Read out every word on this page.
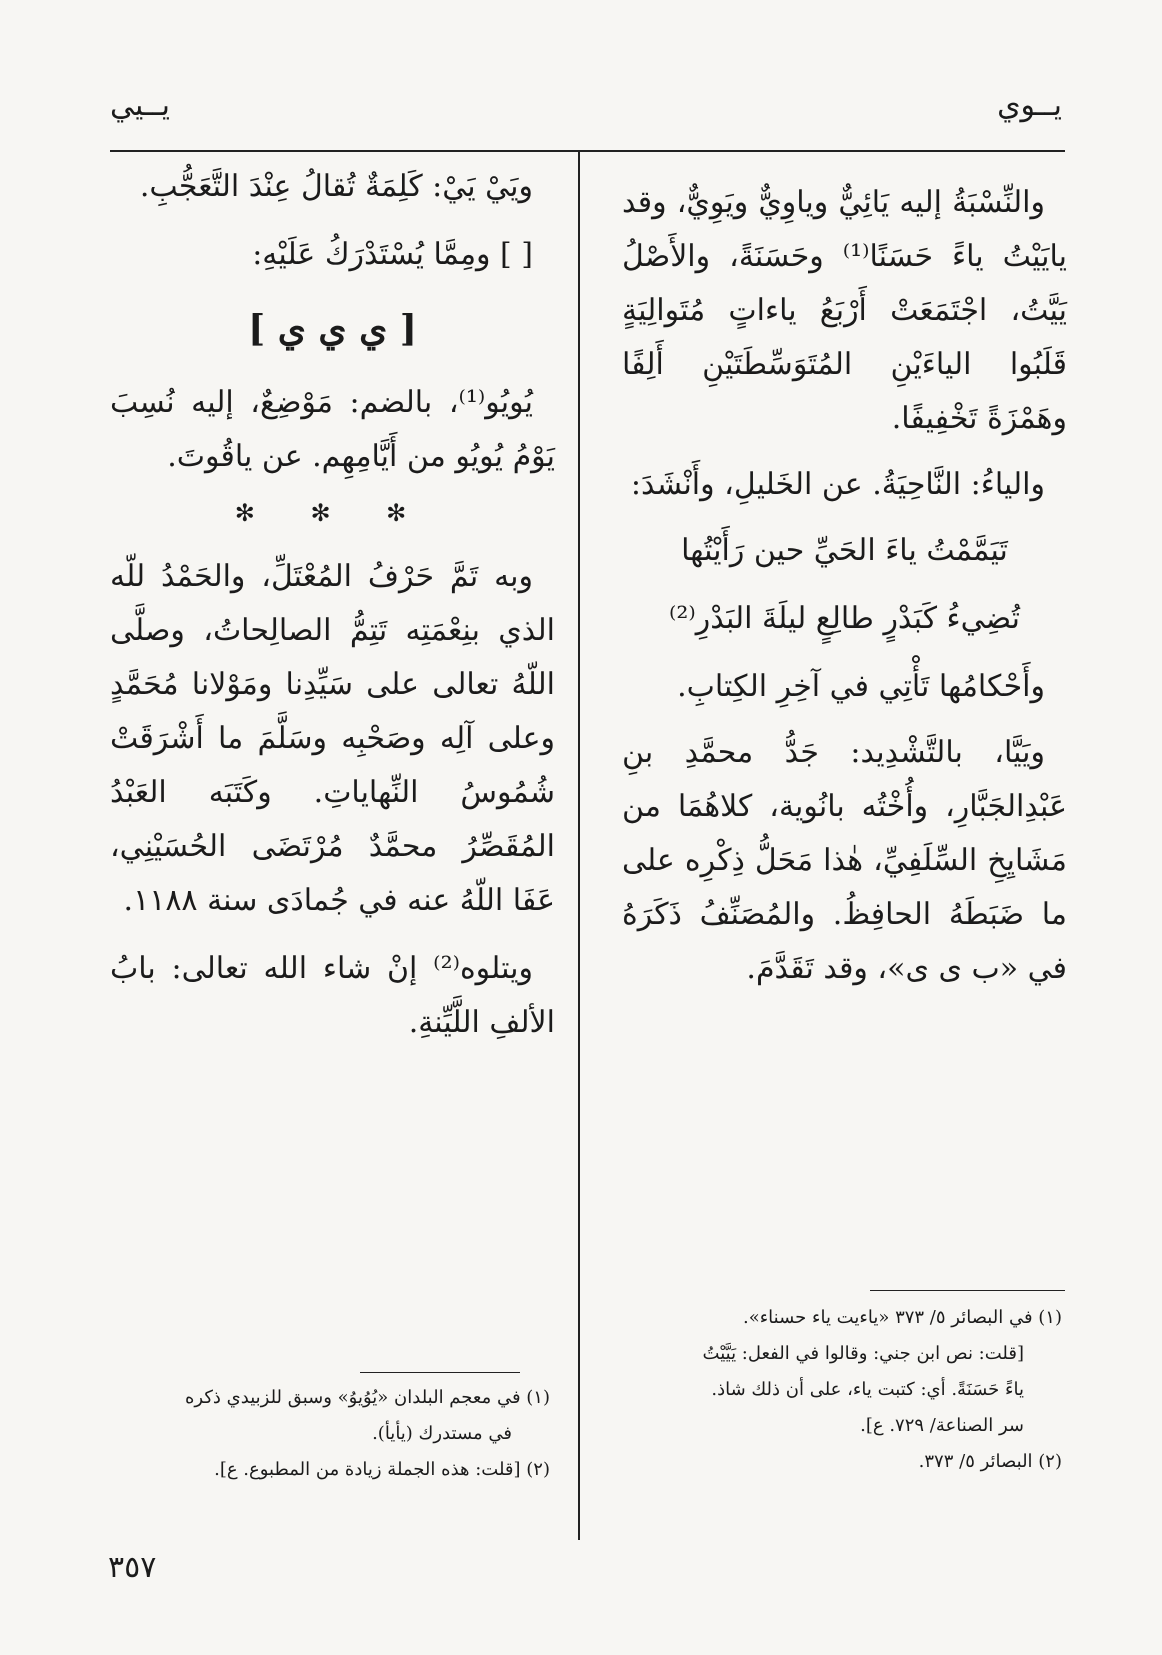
يــوي
يــيي

والنِّسْبَةُ إليه يَائِيٌّ وياوِيٌّ ويَوِيٌّ، وقد يايَيْتُ ياءً حَسَنًا⁽¹⁾ وحَسَنَةً، والأَصْلُ يَيَّتُ، اجْتَمَعَتْ أَرْبَعُ ياءاتٍ مُتَوالِيَةٍ قَلَبُوا الياءَيْنِ المُتَوَسِّطَتَيْنِ أَلِفًا وهَمْزَةً تَخْفِيفًا.

والياءُ: النَّاحِيَةُ. عن الخَليلِ، وأَنْشَدَ:

تَيَمَّمْتُ ياءَ الحَيِّ حين رَأَيْتُها

تُضِيءُ كَبَدْرٍ طالِعٍ ليلَةَ البَدْرِ⁽²⁾

وأَحْكامُها تَأْتِي في آخِرِ الكِتابِ.

ويَيَّا، بالتَّشْدِيد: جَدُّ محمَّدِ بنِ عَبْدِالجَبَّارِ، وأُخْتُه بانُوية، كلاهُمَا من مَشَايِخِ السِّلَفِيِّ، هٰذا مَحَلُّ ذِكْرِه على ما ضَبَطَهُ الحافِظُ. والمُصَنِّفُ ذَكَرَهُ في «ب ى ى»، وقد تَقَدَّمَ.

(١) في البصائر ٥/ ٣٧٣ «ياءيت ياء حسناء».

[قلت: نص ابن جني: وقالوا في الفعل: يَيَّيْتُ

ياءً حَسَنَةً. أي: كتبت ياء، على أن ذلك شاذ.

سر الصناعة/ ٧٢٩. ع].

(٢) البصائر ٥/ ٣٧٣.

ويَيْ يَيْ: كَلِمَةٌ تُقالُ عِنْدَ التَّعَجُّبِ.

[ ] ومِمَّا يُسْتَدْرَكُ عَلَيْهِ:

[ ي ي ي ]

يُويُو⁽¹⁾، بالضم: مَوْضِعٌ، إليه نُسِبَ يَوْمُ يُويُو من أَيَّامِهِم. عن ياقُوتَ.

✻ ✻ ✻

وبه تَمَّ حَرْفُ المُعْتَلِّ، والحَمْدُ للّه الذي بنِعْمَتِه تَتِمُّ الصالِحاتُ، وصلَّى اللّهُ تعالى على سَيِّدِنا ومَوْلانا مُحَمَّدٍ وعلى آلِه وصَحْبِه وسَلَّمَ ما أَشْرَقَتْ شُمُوسُ النِّهاياتِ. وكَتَبَه العَبْدُ المُقَصِّرُ محمَّدٌ مُرْتَضَى الحُسَيْنِي، عَفَا اللّهُ عنه في جُمادَى سنة ١١٨٨.

ويتلوه⁽²⁾ إنْ شاء الله تعالى: بابُ الألفِ اللَّيِّنةِ.

(١) في معجم البلدان «يُوُيوُ» وسبق للزبيدي ذكره

في مستدرك (يأيأ).

(٢) [قلت: هذه الجملة زيادة من المطبوع. ع].

٣٥٧
